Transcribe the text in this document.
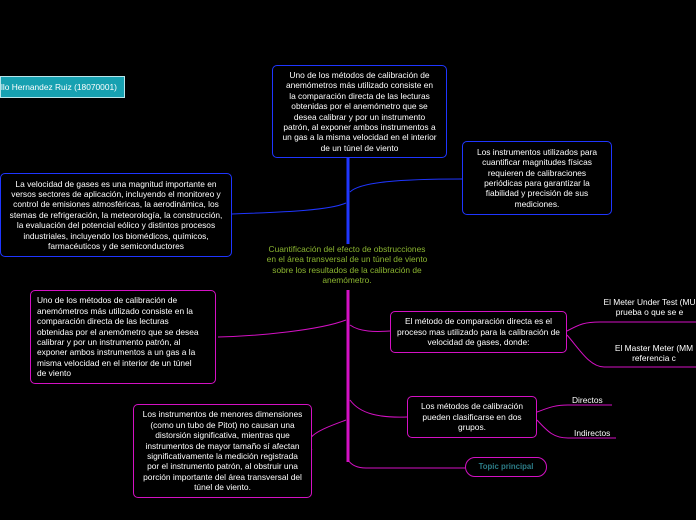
llo Hernandez Ruiz (18070001)
Uno de los métodos de calibración de
anemómetros más utilizado consiste en
la comparación directa de las lecturas
obtenidas por el anemómetro que se
desea calibrar y por un instrumento
patrón, al exponer ambos instrumentos a
un gas a la misma velocidad en el interior
de un túnel de viento	Los instrumentos utilizados para
cuantificar magnitudes físicas
requieren de calibraciones
periódicas para garantizar la
fiabilidad y precisión de sus
mediciones.
La velocidad de gases es una magnitud importante en
versos sectores de aplicación, incluyendo el monitoreo y
control de emisiones atmosféricas, la aerodinámica, los
stemas de refrigeración, la meteorología, la construcción,
la evaluación del potencial eólico y distintos procesos
industriales, incluyendo los biomédicos, químicos,
farmacéuticos y de semiconductores	Cuantificación del efecto de obstrucciones
en el área transversal de un túnel de viento
sobre los resultados de la calibración de
anemómetro.
Uno de los métodos de calibración de
anemómetros más utilizado consiste en la
comparación directa de las lecturas
obtenidas por el anemómetro que se desea
calibrar y por un instrumento patrón, al
exponer ambos instrumentos a un gas a la
misma velocidad en el interior de un túnel
de viento
Los instrumentos de menores dimensiones
(como un tubo de Pitot) no causan una
distorsión significativa, mientras que
instrumentos de mayor tamaño sí afectan
significativamente la medición registrada
por el instrumento patrón, al obstruir una
porción importante del área transversal del
túnel de viento.
El método de comparación directa es el
proceso mas utilizado para la calibración de
velocidad de gases, donde:
Los métodos de calibración
pueden clasificarse en dos
grupos.
El Meter Under Test (MU
prueba o que se e
El Master Meter (MM
referencia c
Directos
Indirectos
Topic principal
